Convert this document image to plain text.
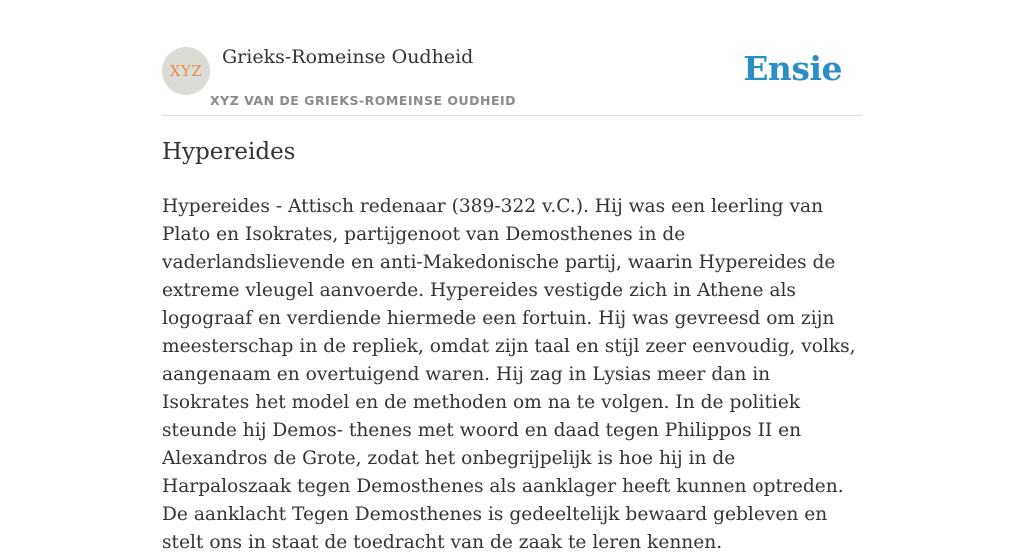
XYZ
Grieks-Romeinse Oudheid
XYZ VAN DE GRIEKS-ROMEINSE OUDHEID
Ensie
Hypereides

Hypereides - Attisch redenaar (389-322 v.C.). Hij was een leerling van Plato en Isokrates, partijgenoot van Demosthenes in de vaderlandslievende en anti-Makedonische partij, waarin Hypereides de extreme vleugel aanvoerde. Hypereides vestigde zich in Athene als logograaf en verdiende hiermede een fortuin. Hij was gevreesd om zijn meesterschap in de repliek, omdat zijn taal en stijl zeer eenvoudig, volks, aangenaam en overtuigend waren. Hij zag in Lysias meer dan in Isokrates het model en de methoden om na te volgen. In de politiek steunde hij Demos- thenes met woord en daad tegen Philippos II en Alexandros de Grote, zodat het onbegrijpelijk is hoe hij in de Harpaloszaak tegen Demosthenes als aanklager heeft kunnen optreden. De aanklacht Tegen Demosthenes is gedeeltelijk bewaard gebleven en stelt ons in staat de toedracht van de zaak te leren kennen.
